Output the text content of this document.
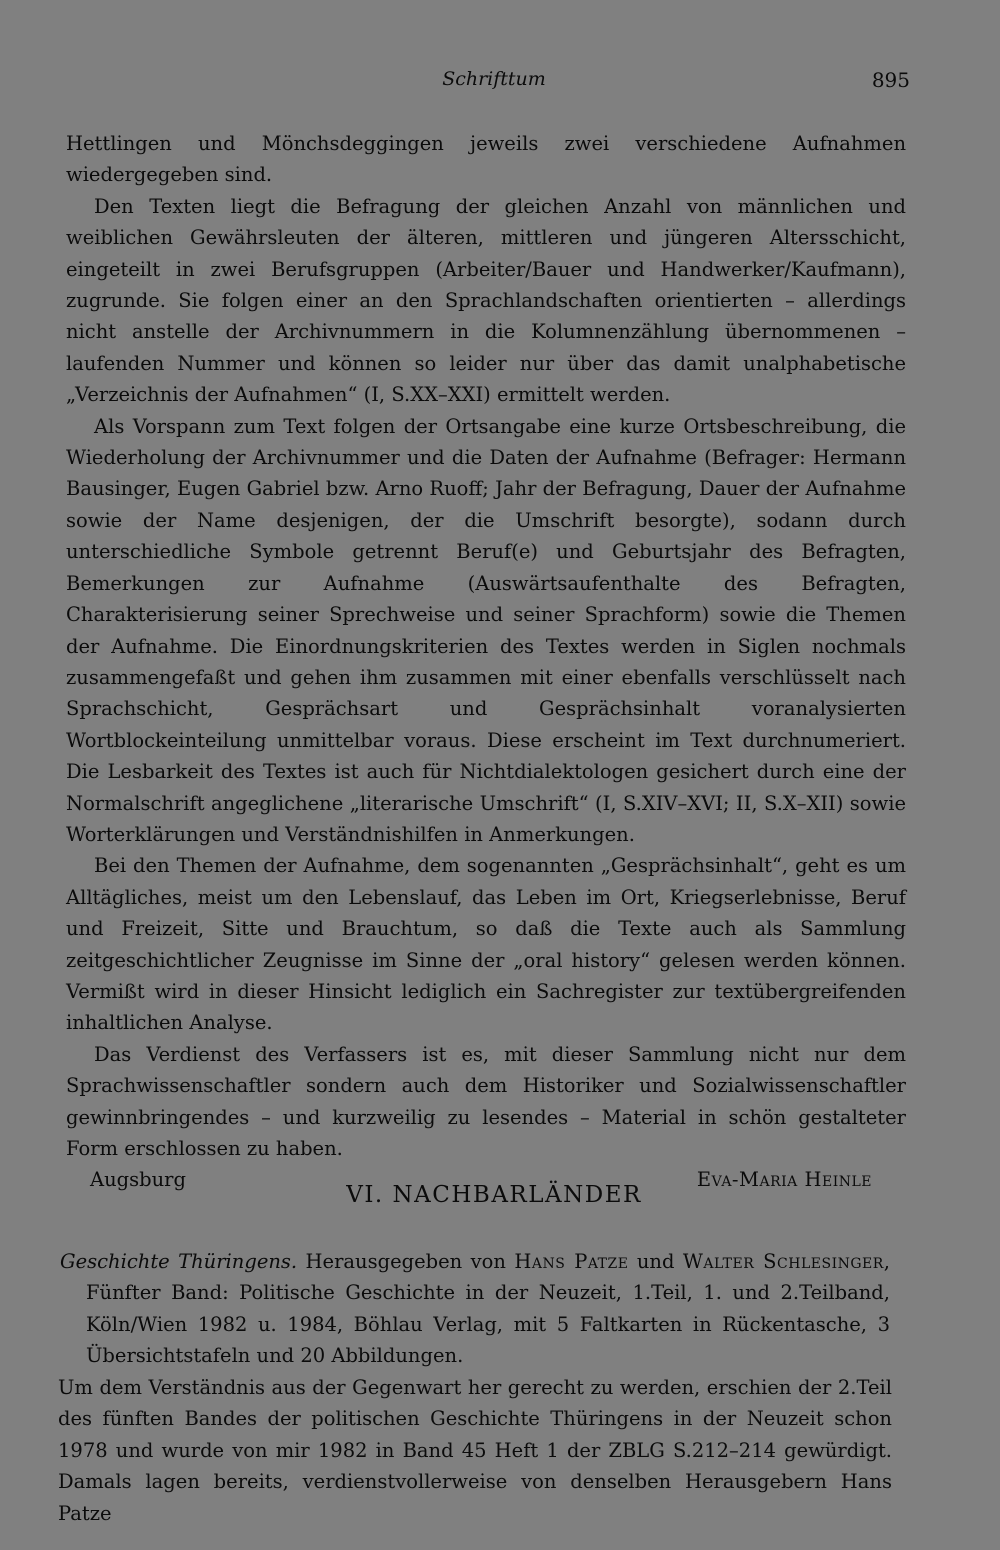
Schrifttum	895

Hettlingen und Mönchsdeggingen jeweils zwei verschiedene Aufnahmen wiedergegeben sind.

Den Texten liegt die Befragung der gleichen Anzahl von männlichen und weiblichen Gewährsleuten der älteren, mittleren und jüngeren Altersschicht, eingeteilt in zwei Berufsgruppen (Arbeiter/Bauer und Handwerker/Kaufmann), zugrunde. Sie folgen einer an den Sprachlandschaften orientierten – allerdings nicht anstelle der Archivnummern in die Kolumnenzählung übernommenen – laufenden Nummer und können so leider nur über das damit unalphabetische „Verzeichnis der Aufnahmen“ (I, S.XX–XXI) ermittelt werden.

Als Vorspann zum Text folgen der Ortsangabe eine kurze Ortsbeschreibung, die Wiederholung der Archivnummer und die Daten der Aufnahme (Befrager: Hermann Bausinger, Eugen Gabriel bzw. Arno Ruoff; Jahr der Befragung, Dauer der Aufnahme sowie der Name desjenigen, der die Umschrift besorgte), sodann durch unterschiedliche Symbole getrennt Beruf(e) und Geburtsjahr des Befragten, Bemerkungen zur Aufnahme (Auswärtsaufenthalte des Befragten, Charakterisierung seiner Sprechweise und seiner Sprachform) sowie die Themen der Aufnahme. Die Einordnungskriterien des Textes werden in Siglen nochmals zusammengefaßt und gehen ihm zusammen mit einer ebenfalls verschlüsselt nach Sprachschicht, Gesprächsart und Gesprächsinhalt voranalysierten Wortblockeinteilung unmittelbar voraus. Diese erscheint im Text durchnumeriert. Die Lesbarkeit des Textes ist auch für Nichtdialektologen gesichert durch eine der Normalschrift angeglichene „literarische Umschrift“ (I, S.XIV–XVI; II, S.X–XII) sowie Worterklärungen und Verständnishilfen in Anmerkungen.

Bei den Themen der Aufnahme, dem sogenannten „Gesprächsinhalt“, geht es um Alltägliches, meist um den Lebenslauf, das Leben im Ort, Kriegserlebnisse, Beruf und Freizeit, Sitte und Brauchtum, so daß die Texte auch als Sammlung zeitgeschichtlicher Zeugnisse im Sinne der „oral history“ gelesen werden können. Vermißt wird in dieser Hinsicht lediglich ein Sachregister zur textübergreifenden inhaltlichen Analyse.

Das Verdienst des Verfassers ist es, mit dieser Sammlung nicht nur dem Sprachwissenschaftler sondern auch dem Historiker und Sozialwissenschaftler gewinnbringendes – und kurzweilig zu lesendes – Material in schön gestalteter Form erschlossen zu haben.

Augsburg	Eva-Maria Heinle
VI. NACHBARLÄNDER

Geschichte Thüringens. Herausgegeben von Hans Patze und Walter Schlesinger, Fünfter Band: Politische Geschichte in der Neuzeit, 1.Teil, 1. und 2.Teilband, Köln/Wien 1982 u. 1984, Böhlau Verlag, mit 5 Faltkarten in Rückentasche, 3 Übersichtstafeln und 20 Abbildungen.

Um dem Verständnis aus der Gegenwart her gerecht zu werden, erschien der 2.Teil des fünften Bandes der politischen Geschichte Thüringens in der Neuzeit schon 1978 und wurde von mir 1982 in Band 45 Heft 1 der ZBLG S.212–214 gewürdigt. Damals lagen bereits, verdienstvollerweise von denselben Herausgebern Hans Patze
